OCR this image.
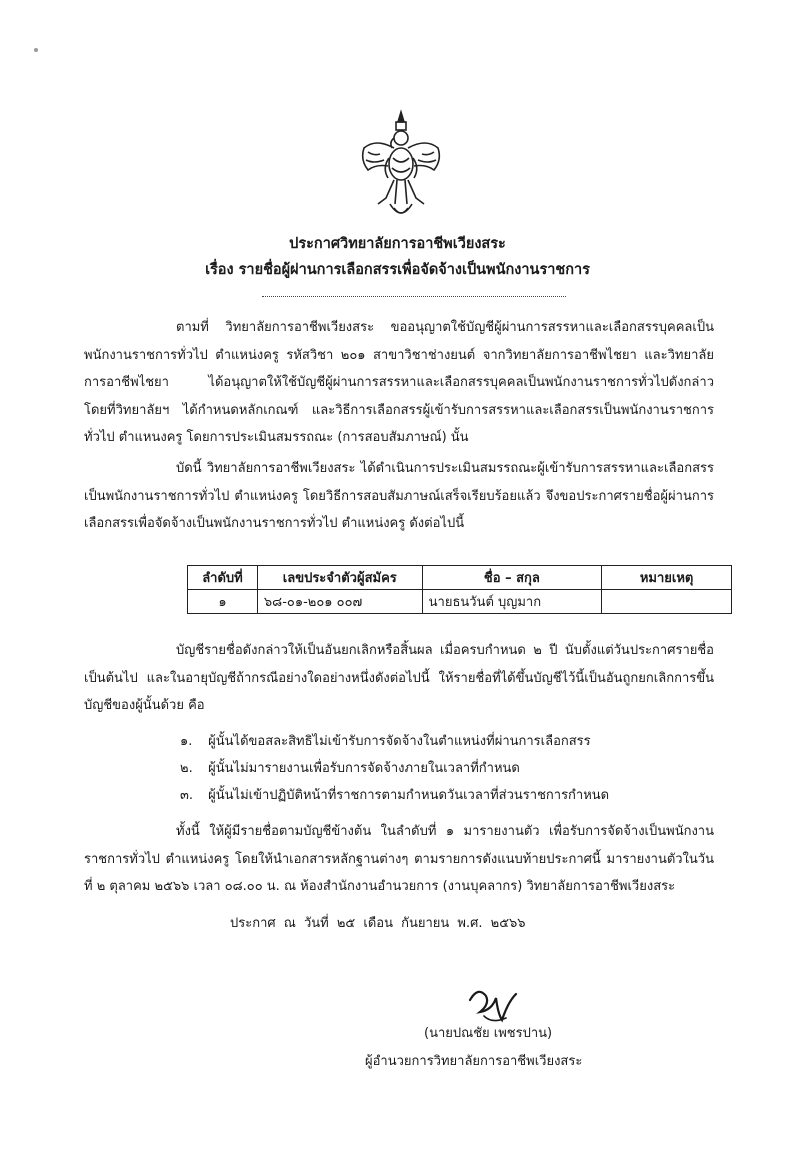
ประกาศวิทยาลัยการอาชีพเวียงสระ
เรื่อง รายชื่อผู้ผ่านการเลือกสรรเพื่อจัดจ้างเป็นพนักงานราชการ

ตามที่ วิทยาลัยการอาชีพเวียงสระ ขออนุญาตใช้บัญชีผู้ผ่านการสรรหาและเลือกสรรบุคคลเป็นพนักงานราชการทั่วไป ตำแหน่งครู รหัสวิชา ๒๐๑ สาขาวิชาช่างยนต์ จากวิทยาลัยการอาชีพไชยา และวิทยาลัยการอาชีพไชยา ได้อนุญาตให้ใช้บัญชีผู้ผ่านการสรรหาและเลือกสรรบุคคลเป็นพนักงานราชการทั่วไปดังกล่าว โดยที่วิทยาลัยฯ ได้กำหนดหลักเกณฑ์ และวิธีการเลือกสรรผู้เข้ารับการสรรหาและเลือกสรรเป็นพนักงานราชการทั่วไป ตำแหนงครู โดยการประเมินสมรรถณะ (การสอบสัมภาษณ์) นั้น

บัดนี้ วิทยาลัยการอาชีพเวียงสระ ได้ดำเนินการประเมินสมรรถณะผู้เข้ารับการสรรหาและเลือกสรรเป็นพนักงานราชการทั่วไป ตำแหน่งครู โดยวิธีการสอบสัมภาษณ์เสร็จเรียบร้อยแล้ว จึงขอประกาศรายชื่อผู้ผ่านการเลือกสรรเพื่อจัดจ้างเป็นพนักงานราชการทั่วไป ตำแหน่งครู ดังต่อไปนี้

ลำดับที่	เลขประจำตัวผู้สมัคร	ชื่อ – สกุล	หมายเหตุ
๑	๖๘-๐๑-๒๐๑ ๐๐๗	นายธนวันต์ บุญมาก	

บัญชีรายชื่อดังกล่าวให้เป็นอันยกเลิกหรือสิ้นผล เมื่อครบกำหนด ๒ ปี นับตั้งแต่วันประกาศรายชื่อเป็นต้นไป และในอายุบัญชีถ้ากรณีอย่างใดอย่างหนึ่งดังต่อไปนี้ ให้รายชื่อที่ได้ขึ้นบัญชีไว้นี้เป็นอันถูกยกเลิกการขึ้นบัญชีของผู้นั้นด้วย คือ

๑. ผู้นั้นได้ขอสละสิทธิไม่เข้ารับการจัดจ้างในตำแหน่งที่ผ่านการเลือกสรร

๒. ผู้นั้นไม่มารายงานเพื่อรับการจัดจ้างภายในเวลาที่กำหนด

๓. ผู้นั้นไม่เข้าปฏิบัติหน้าที่ราชการตามกำหนดวันเวลาที่ส่วนราชการกำหนด

ทั้งนี้ ให้ผู้มีรายชื่อตามบัญชีข้างต้น ในลำดับที่ ๑ มารายงานตัว เพื่อรับการจัดจ้างเป็นพนักงานราชการทั่วไป ตำแหน่งครู โดยให้นำเอกสารหลักฐานต่างๆ ตามรายการดังแนบท้ายประกาศนี้ มารายงานตัวในวันที่ ๒ ตุลาคม ๒๕๖๖ เวลา ๐๘.๐๐ น. ณ ห้องสำนักงานอำนวยการ (งานบุคลากร) วิทยาลัยการอาชีพเวียงสระ

ประกาศ ณ วันที่ ๒๕ เดือน กันยายน พ.ศ. ๒๕๖๖
(นายปณชัย เพชรปาน)
ผู้อำนวยการวิทยาลัยการอาชีพเวียงสระ
